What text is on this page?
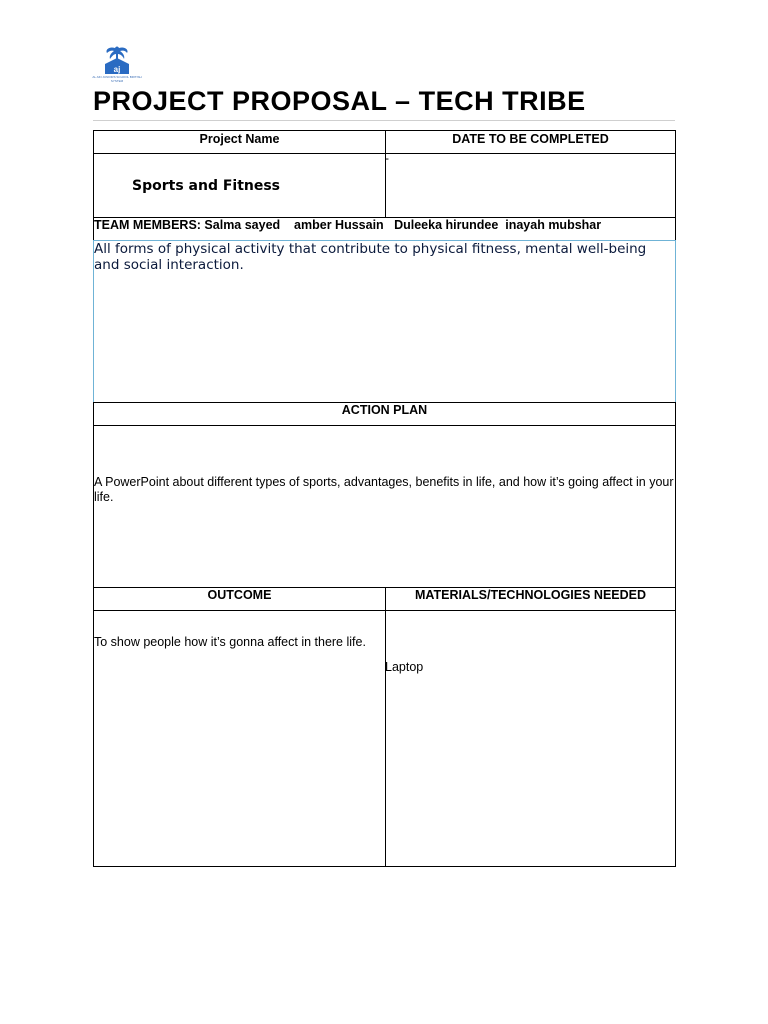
aj
AL AIN JUNIORS SCHOOL BRITISH SYSTEM
PROJECT PROPOSAL – TECH TRIBE
Project Name	DATE TO BE COMPLETED
Sports and Fitness
-
TEAM MEMBERS: Salma sayed    amber Hussain   Duleeka hirundee  inayah mubshar
All forms of physical activity that contribute to physical fitness, mental well-being and social interaction.
ACTION PLAN
A PowerPoint about different types of sports, advantages, benefits in life, and how it’s going affect in your life.
OUTCOME	MATERIALS/TECHNOLOGIES NEEDED
To show people how it’s gonna affect in there life.
Laptop
